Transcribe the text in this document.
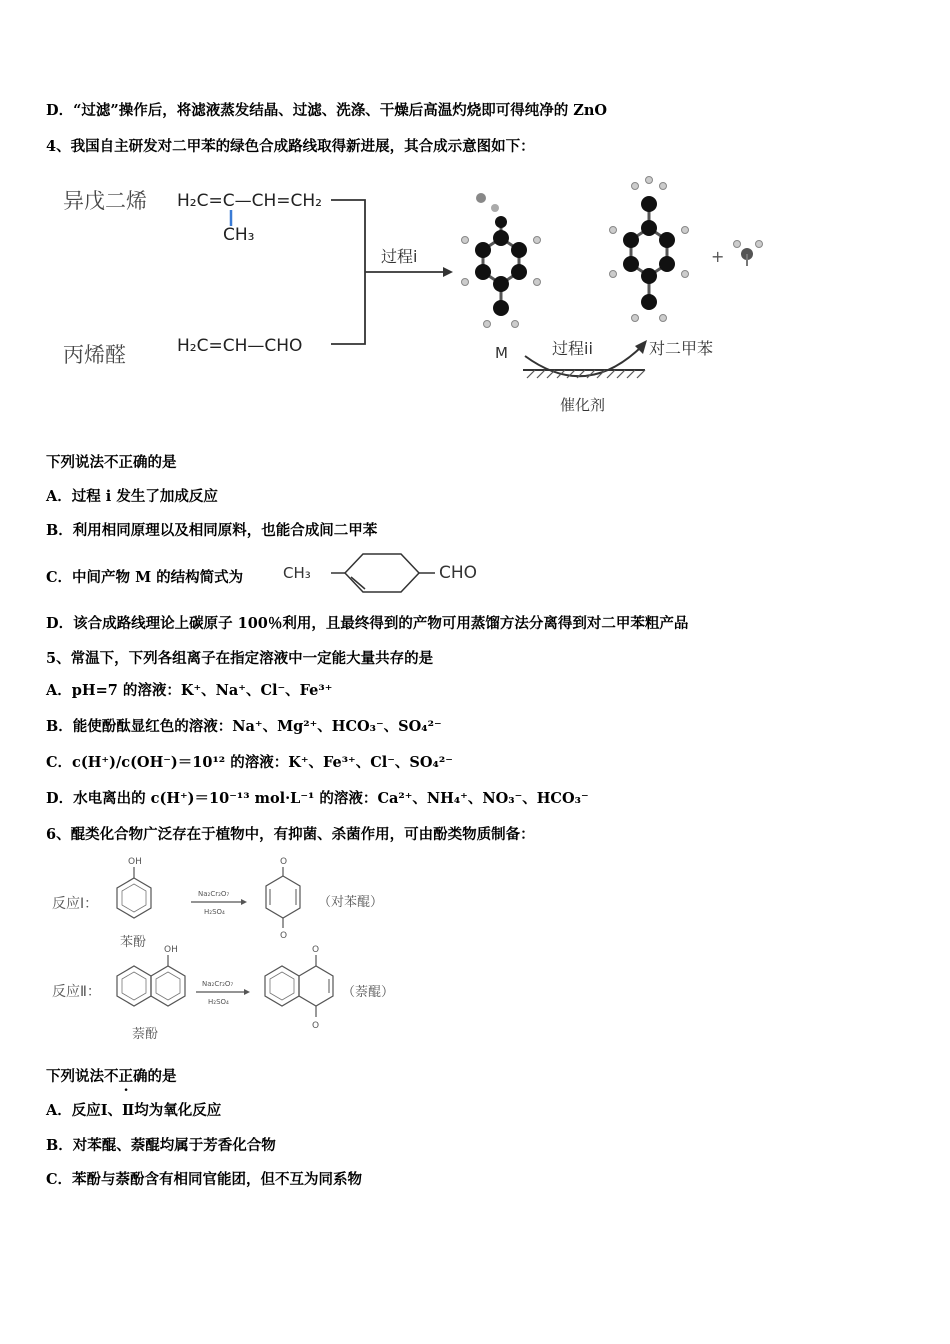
D．“过滤”操作后，将滤液蒸发结晶、过滤、洗涤、干燥后高温灼烧即可得纯净的 ZnO
4、我国自主研发对二甲苯的绿色合成路线取得新进展，其合成示意图如下：
异戊二烯 H₂C=C—CH=CH₂
CH₃
丙烯醛	H₂C=CH—CHO
过程i
M	过程ii
催化剂
对二甲苯
+
下列说法不正确的是
A．过程 i 发生了加成反应
B．利用相同原理以及相同原料，也能合成间二甲苯
C．中间产物 M 的结构简式为	CH₃	CHO
D．该合成路线理论上碳原子 100％利用，且最终得到的产物可用蒸馏方法分离得到对二甲苯粗产品
5、常温下，下列各组离子在指定溶液中一定能大量共存的是
A．pH=7 的溶液：K⁺、Na⁺、Cl⁻、Fe³⁺
B．能使酚酞显红色的溶液：Na⁺、Mg²⁺、HCO₃⁻、SO₄²⁻
C．c(H⁺)/c(OH⁻)＝10¹² 的溶液：K⁺、Fe³⁺、Cl⁻、SO₄²⁻
D．水电离出的 c(H⁺)＝10⁻¹³ mol·L⁻¹ 的溶液：Ca²⁺、NH₄⁺、NO₃⁻、HCO₃⁻
6、醌类化合物广泛存在于植物中，有抑菌、杀菌作用，可由酚类物质制备：
反应Ⅰ：
OH
苯酚
Na₂Cr₂O₇
H₂SO₄
O
O
（对苯醌）
反应Ⅱ：
OH
萘酚
Na₂Cr₂O₇
H₂SO₄
O
O
（萘醌）
下列说法不正确的是
A．反应Ⅰ、Ⅱ均为氧化反应
B．对苯醌、萘醌均属于芳香化合物
C．苯酚与萘酚含有相同官能团，但不互为同系物
